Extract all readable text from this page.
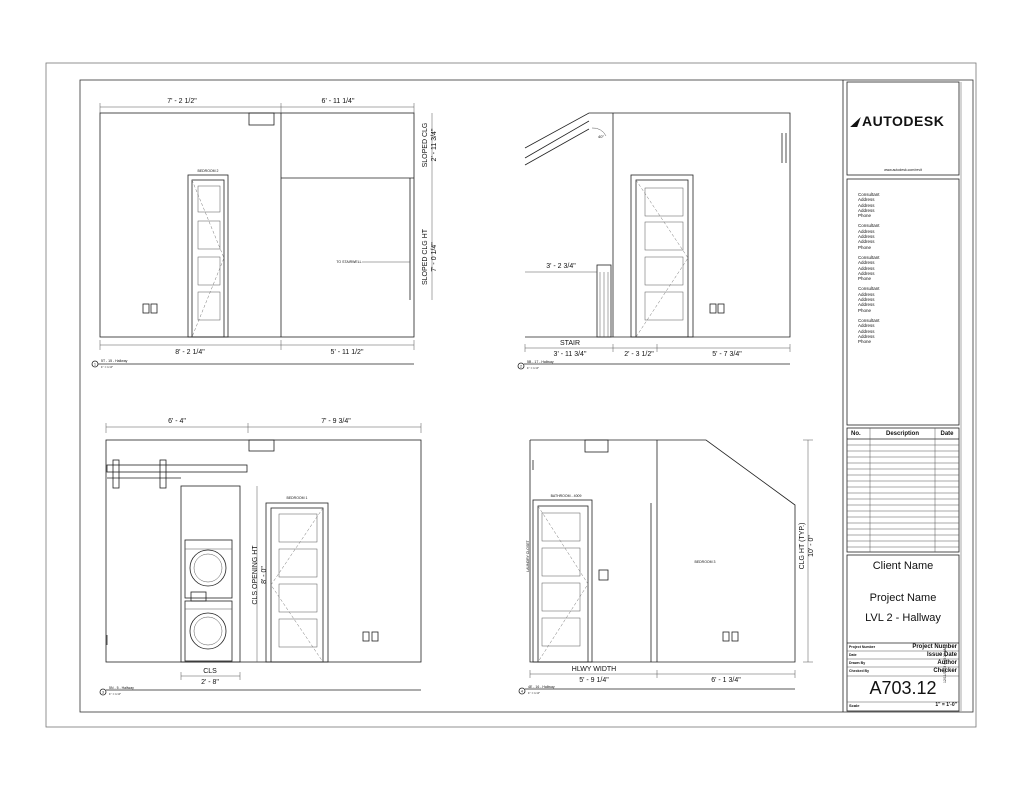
7' - 2 1/2"	6' - 11 1/4"
BEDROOM 2
TO STAIRWELL
SLOPED CLG 2' - 11 3/4"
SLOPED CLG HT 7' - 0 1/4"
8' - 2 1/4"	5' - 11 1/2"
1
5T - 15 - Hallway
1" = 1'-0"
40°
3' - 2 3/4"
STAIR
3' - 11 3/4"	2' - 3 1/2"	5' - 7 3/4"
2
5B - 17 - Hallway
1" = 1'-0"
6' - 4"	7' - 9 3/4"
CLS OPENING HT 8' - 0"
BEDROOM 1
CLS
2' - 8"
3
5N - 5 - Hallway
1" = 1'-0"
BATHROOM - 4009
LAUNDRY CLOSET	BEDROOM 3	CLG HT (TYP.) 10' - 0"
HLWY WIDTH
5' - 9 1/4"	6' - 1 3/4"
4
4E - 16 - Hallway
1" = 1'-0"
AUTODESK
www.autodesk.com/revit
Consultant
Address
Address
Address
Phone
Consultant
Address
Address
Address
Phone
Consultant
Address
Address
Address
Phone
Consultant
Address
Address
Address
Phone
Consultant
Address
Address
Address
Phone
No.	Description	Date
Client Name
Project Name
LVL 2 - Hallway
Project Number	Project Number
Date	Issue Date
Drawn By	Author
Checked By	Checker
A703.12
Scale	1" = 1'-0"
12/11/2023 4:05:22 AM
